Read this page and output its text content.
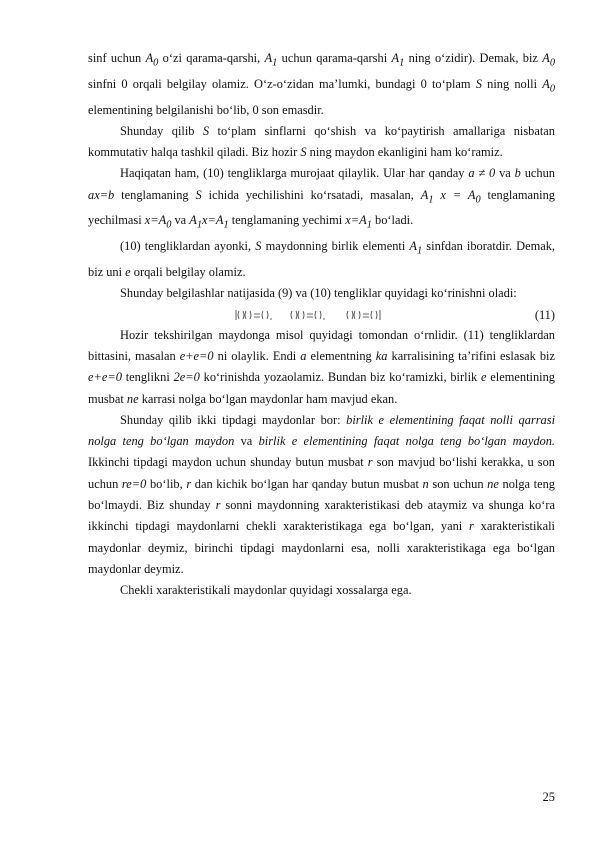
sinf uchun $A_0$ o‘zi qarama-qarshi, $A_1$ uchun qarama-qarshi $A_1$ ning o‘zidir). Demak, biz $A_0$ sinfni 0 orqali belgilay olamiz. O‘z-o‘zidan ma’lumki, bundagi 0 to‘plam S ning nolli $A_0$ elementining belgilanishi bo‘lib, 0 son emasdir.

Shunday qilib S to‘plam sinflarni qo‘shish va ko‘paytirish amallariga nisbatan kommutativ halqa tashkil qiladi. Biz hozir S ning maydon ekanligini ham ko‘ramiz.

Haqiqatan ham, (10) tengliklarga murojaat qilaylik. Ular har qanday a ≠ 0 va b uchun ax=b tenglamaning S ichida yechilishini ko‘rsatadi, masalan, $A_1$ $x = A_0$ tenglamaning yechilmasi $x=A_0$ va $A_1x=A_1$ tenglamaning yechimi $x=A_1$ bo‘ladi.

(10) tengliklardan ayonki, S maydonning birlik elementi $A_1$ sinfdan iboratdir. Demak, biz uni e orqali belgilay olamiz.

Shunday belgilashlar natijasida (9) va (10) tengliklar quyidagi ko‘rinishni oladi:

(11)

Hozir tekshirilgan maydonga misol quyidagi tomondan o‘rnlidir. (11) tengliklardan bittasini, masalan e+e=0 ni olaylik. Endi a elementning ka karralisining ta’rifini eslasak biz e+e=0 tenglikni 2e=0 ko‘rinishda yozaolamiz. Bundan biz ko‘ramizki, birlik e elementining musbat ne karrasi nolga bo‘lgan maydonlar ham mavjud ekan.

Shunday qilib ikki tipdagi maydonlar bor: birlik e elementining faqat nolli qarrasi nolga teng bo‘lgan maydon va birlik e elementining faqat nolga teng bo‘lgan maydon. Ikkinchi tipdagi maydon uchun shunday butun musbat r son mavjud bo‘lishi kerakka, u son uchun re=0 bo‘lib, r dan kichik bo‘lgan har qanday butun musbat n son uchun ne nolga teng bo‘lmaydi. Biz shunday r sonni maydonning xarakteristikasi deb ataymiz va shunga ko‘ra ikkinchi tipdagi maydonlarni chekli xarakteristikaga ega bo‘lgan, yani r xarakteristikali maydonlar deymiz, birinchi tipdagi maydonlarni esa, nolli xarakteristikaga ega bo‘lgan maydonlar deymiz.

Chekli xarakteristikali maydonlar quyidagi xossalarga ega.

25
